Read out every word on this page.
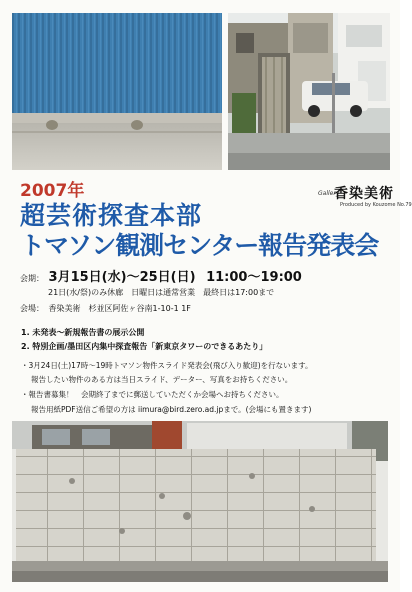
2007年	Gallery
香染美術
Produced by Kouzome No.79
超芸術探査本部
トマソン観測センター報告発表会
会期： 3月15日(水)～25日(日) 11:00～19:00
21日(水/祭)のみ休廊　日曜日は通常営業　最終日は17:00まで
会場： 香染美術　杉並区阿佐ヶ谷南1-10-1 1F
1. 未発表～新規報告書の展示公開
2. 特別企画/墨田区内集中探査報告「新東京タワーのできるあたり」
・3月24日(土)17時～19時トマソン物件スライド発表会(飛び入り歓迎)を行ないます。
報告したい物件のある方は当日スライド、データー、写真をお持ちください。
・報告書募集！　会期終了までに郵送していただくか会場へお持ちください。
報告用紙PDF送信ご希望の方は iimura@bird.zero.ad.jpまで。(会場にも置きます)
